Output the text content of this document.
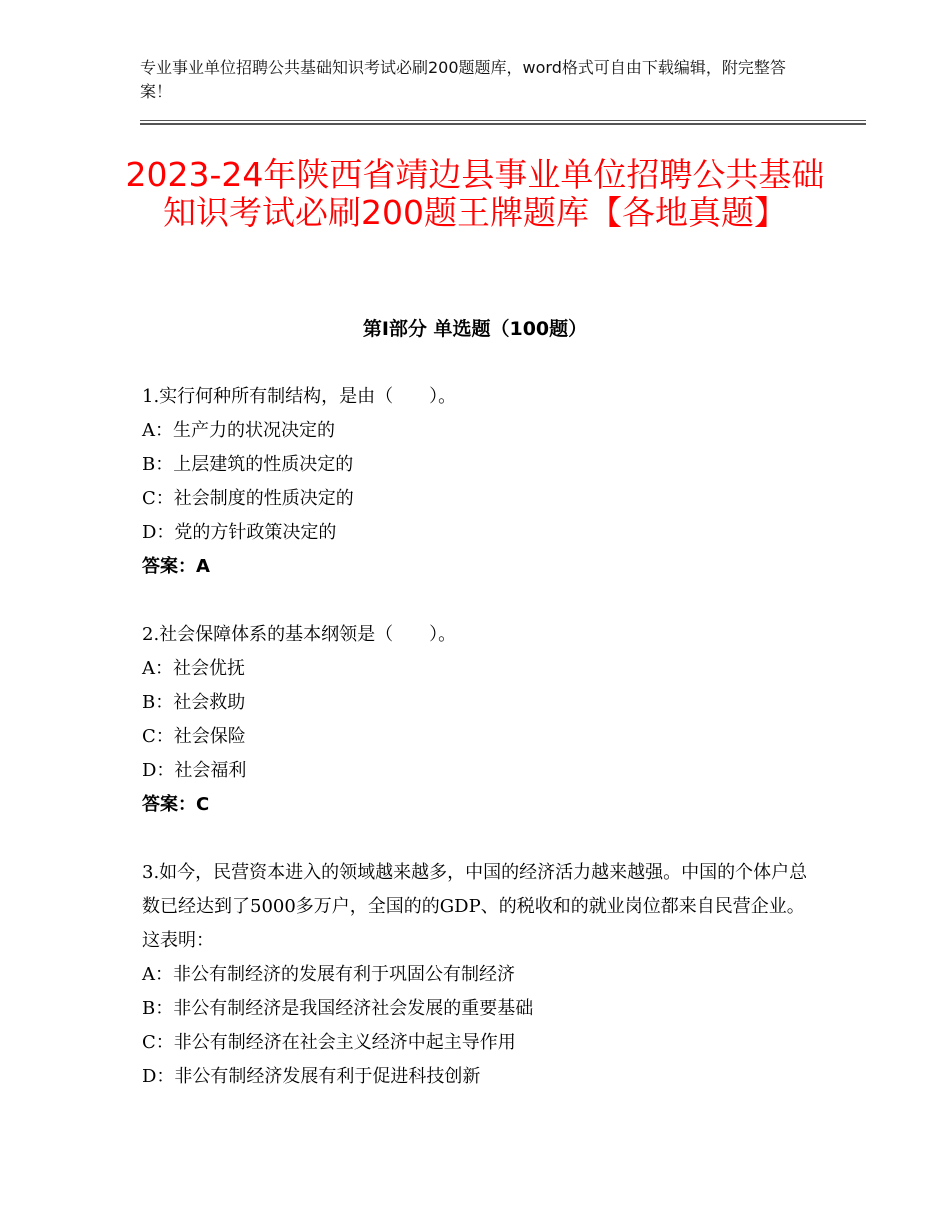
专业事业单位招聘公共基础知识考试必刷200题题库，word格式可自由下载编辑，附完整答案！
2023-24年陕西省靖边县事业单位招聘公共基础知识考试必刷200题王牌题库【各地真题】
第Ⅰ部分 单选题（100题）

1.实行何种所有制结构，是由（　　）。

A：生产力的状况决定的

B：上层建筑的性质决定的

C：社会制度的性质决定的

D：党的方针政策决定的

答案：A

2.社会保障体系的基本纲领是（　　）。

A：社会优抚

B：社会救助

C：社会保险

D：社会福利

答案：C

3.如今，民营资本进入的领域越来越多，中国的经济活力越来越强。中国的个体户总数已经达到了5000多万户，全国的的GDP、的税收和的就业岗位都来自民营企业。这表明：

A：非公有制经济的发展有利于巩固公有制经济

B：非公有制经济是我国经济社会发展的重要基础

C：非公有制经济在社会主义经济中起主导作用

D：非公有制经济发展有利于促进科技创新
